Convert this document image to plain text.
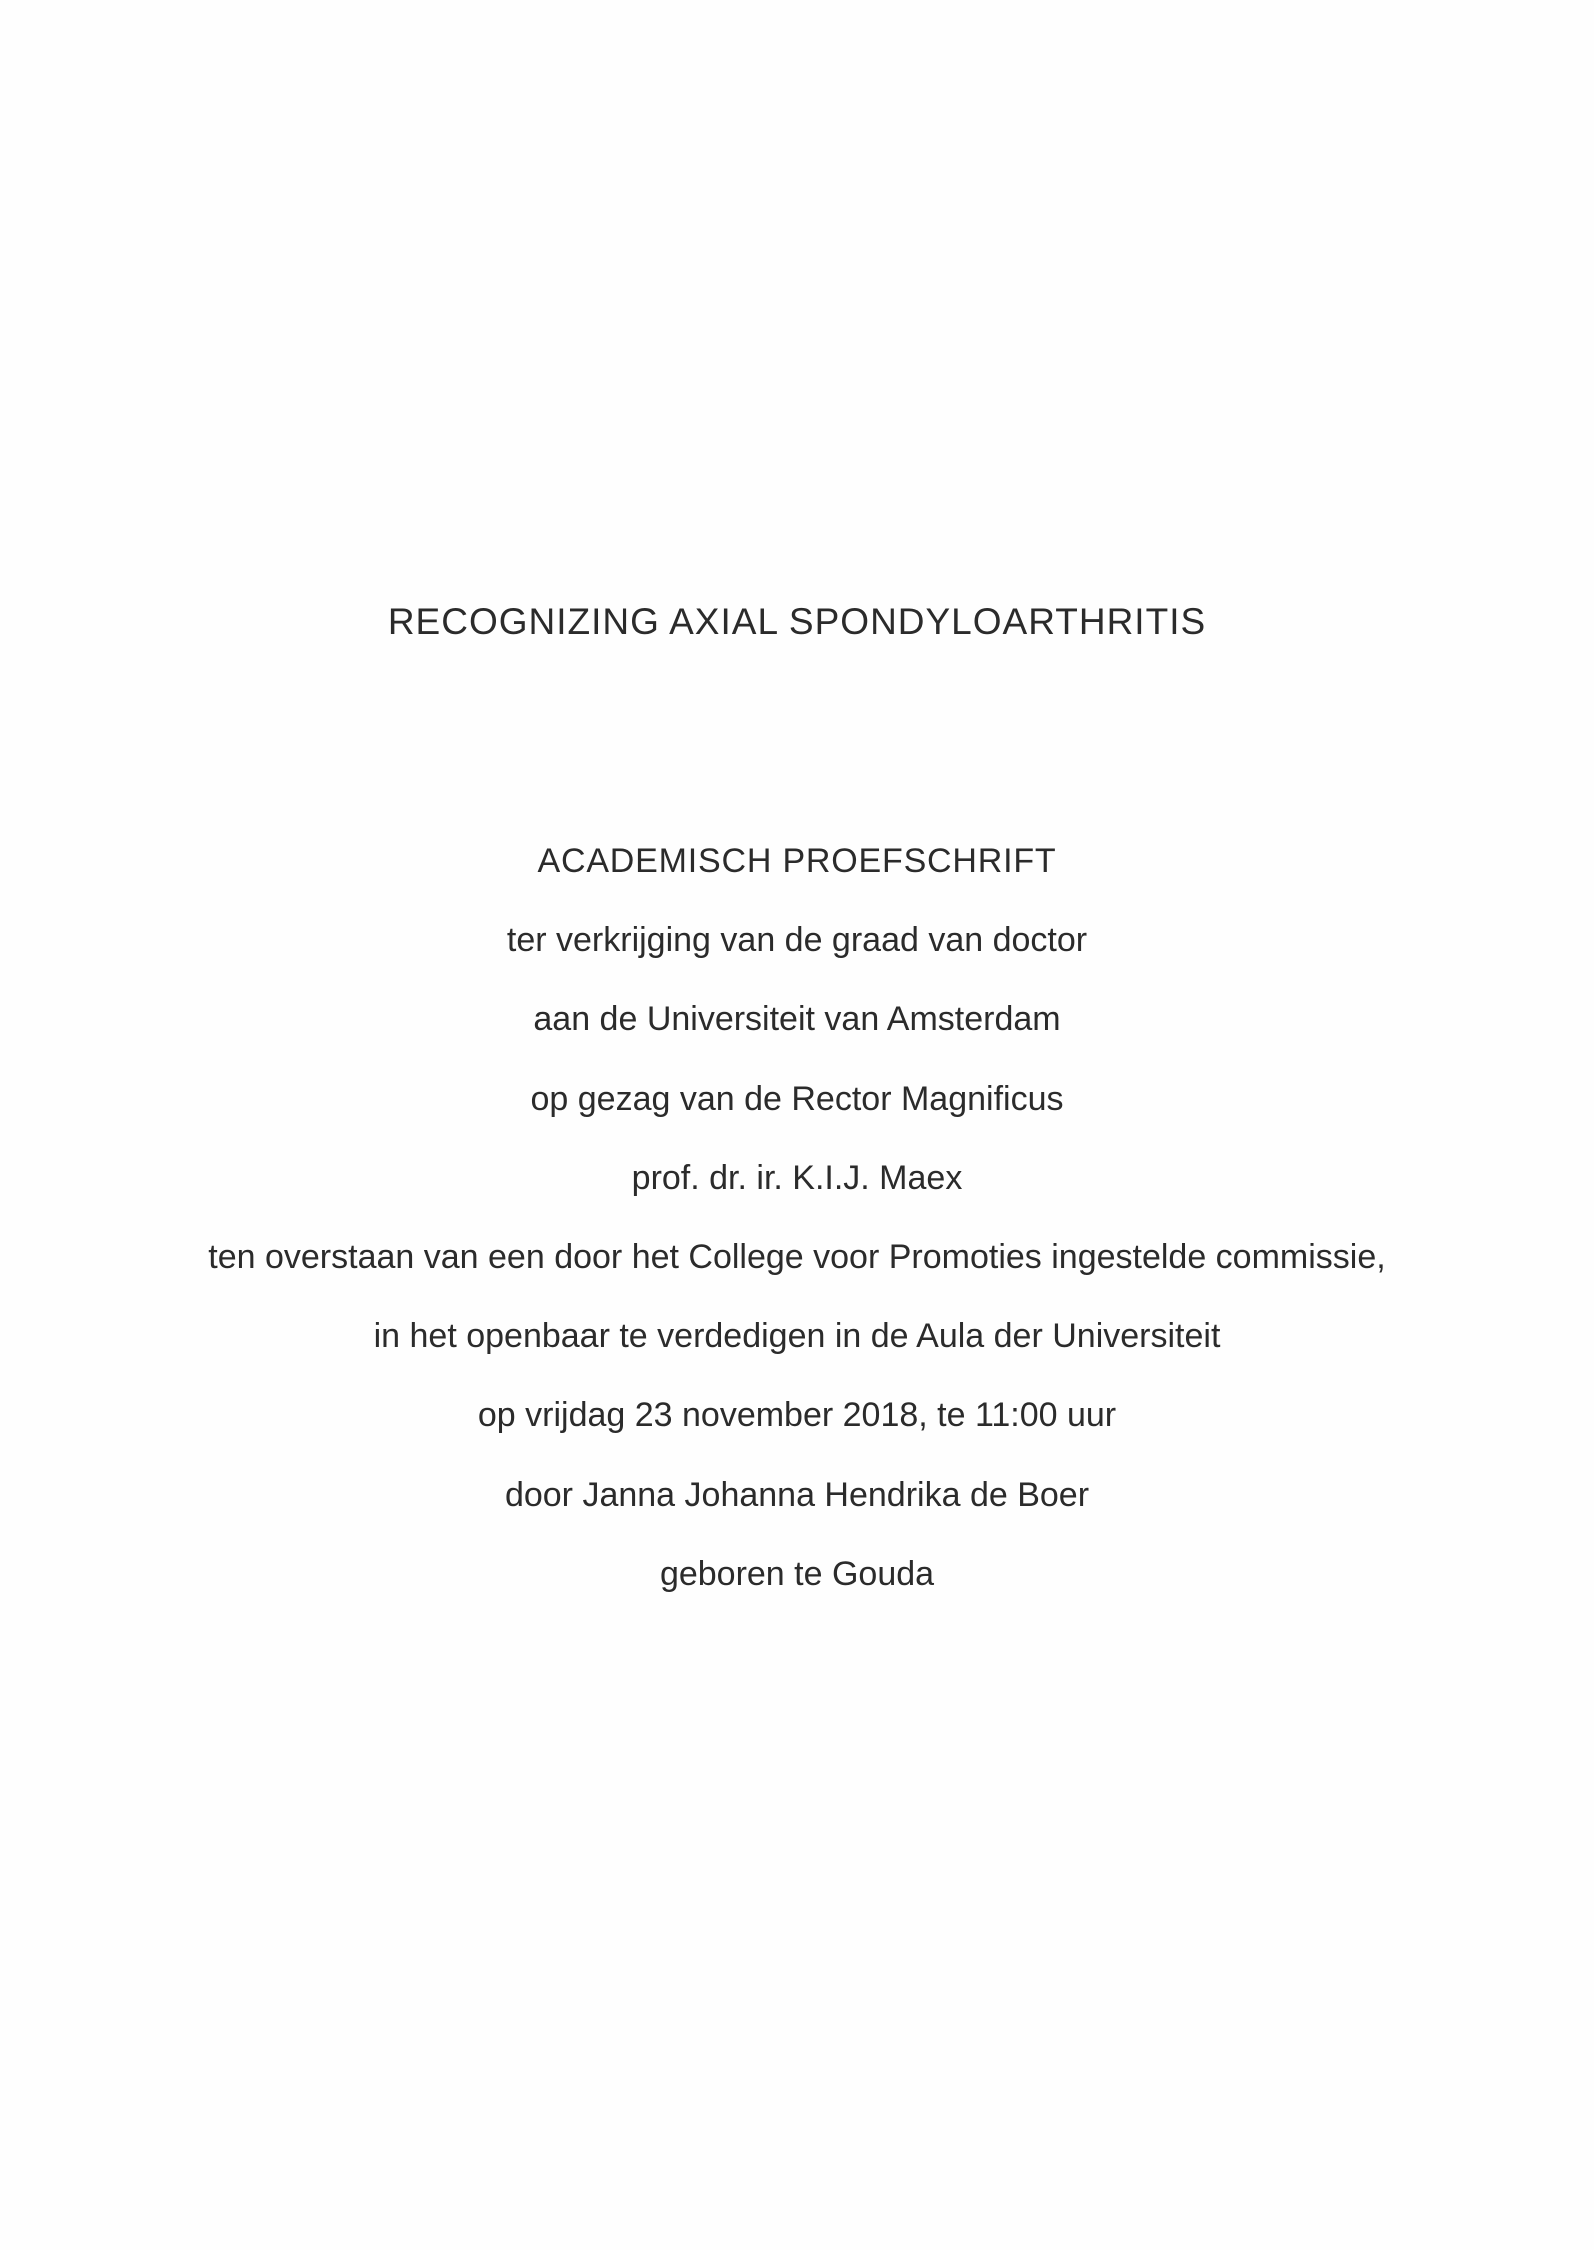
RECOGNIZING AXIAL SPONDYLOARTHRITIS
ACADEMISCH PROEFSCHRIFT
ter verkrijging van de graad van doctor
aan de Universiteit van Amsterdam
op gezag van de Rector Magnificus
prof. dr. ir. K.I.J. Maex
ten overstaan van een door het College voor Promoties ingestelde commissie,
in het openbaar te verdedigen in de Aula der Universiteit
op vrijdag 23 november 2018, te 11:00 uur
door Janna Johanna Hendrika de Boer
geboren te Gouda
